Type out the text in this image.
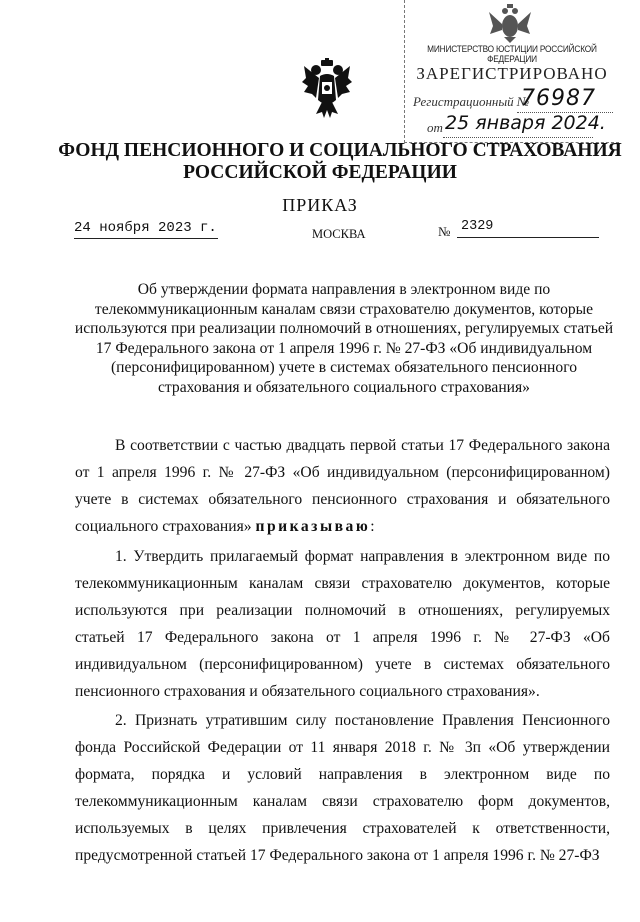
МИНИСТЕРСТВО ЮСТИЦИИ РОССИЙСКОЙ ФЕДЕРАЦИИ
ЗАРЕГИСТРИРОВАНО
Регистрационный №
76987
от 25 января 2024.
ФОНД ПЕНСИОННОГО И СОЦИАЛЬНОГО СТРАХОВАНИЯ
РОССИЙСКОЙ ФЕДЕРАЦИИ
ПРИКАЗ
24 ноября 2023 г.	МОСКВА	№ 2329
Об утверждении формата направления в электронном виде по телекоммуникационным каналам связи страхователю документов, которые используются при реализации полномочий в отношениях, регулируемых статьей 17 Федерального закона от 1 апреля 1996 г. № 27-ФЗ «Об индивидуальном (персонифицированном) учете в системах обязательного пенсионного страхования и обязательного социального страхования»

В соответствии с частью двадцать первой статьи 17 Федерального закона от 1 апреля 1996 г. № 27-ФЗ «Об индивидуальном (персонифицированном) учете в системах обязательного пенсионного страхования и обязательного социального страхования» приказываю:

1. Утвердить прилагаемый формат направления в электронном виде по телекоммуникационным каналам связи страхователю документов, которые используются при реализации полномочий в отношениях, регулируемых статьей 17 Федерального закона от 1 апреля 1996 г. № 27-ФЗ «Об индивидуальном (персонифицированном) учете в системах обязательного пенсионного страхования и обязательного социального страхования».

2. Признать утратившим силу постановление Правления Пенсионного фонда Российской Федерации от 11 января 2018 г. № 3п «Об утверждении формата, порядка и условий направления в электронном виде по телекоммуникационным каналам связи страхователю форм документов, используемых в целях привлечения страхователей к ответственности, предусмотренной статьей 17 Федерального закона от 1 апреля 1996 г. № 27-ФЗ
